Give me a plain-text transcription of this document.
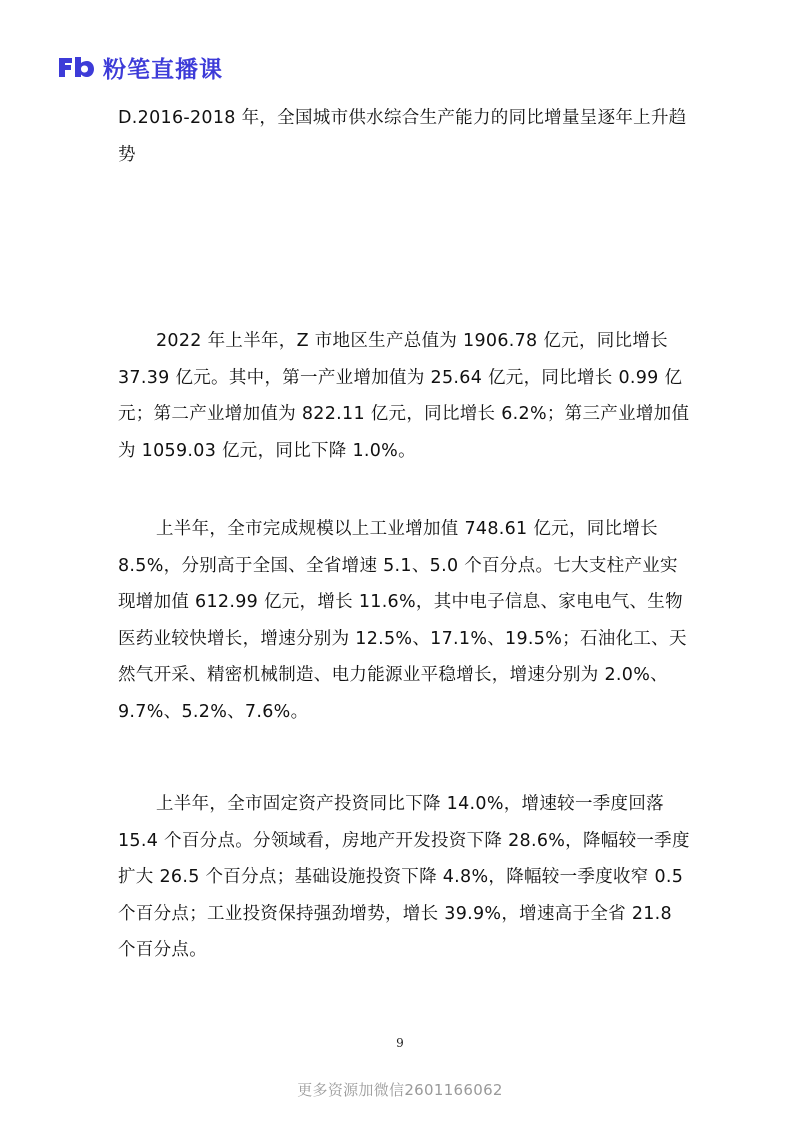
粉笔直播课

D.2016-2018 年，全国城市供水综合生产能力的同比增量呈逐年上升趋势

2022 年上半年，Z 市地区生产总值为 1906.78 亿元，同比增长 37.39 亿元。其中，第一产业增加值为 25.64 亿元，同比增长 0.99 亿元；第二产业增加值为 822.11 亿元，同比增长 6.2%；第三产业增加值为 1059.03 亿元，同比下降 1.0%。

上半年，全市完成规模以上工业增加值 748.61 亿元，同比增长 8.5%，分别高于全国、全省增速 5.1、5.0 个百分点。七大支柱产业实现增加值 612.99 亿元，增长 11.6%，其中电子信息、家电电气、生物医药业较快增长，增速分别为 12.5%、17.1%、19.5%；石油化工、天然气开采、精密机械制造、电力能源业平稳增长，增速分别为 2.0%、9.7%、5.2%、7.6%。

上半年，全市固定资产投资同比下降 14.0%，增速较一季度回落 15.4 个百分点。分领域看，房地产开发投资下降 28.6%，降幅较一季度扩大 26.5 个百分点；基础设施投资下降 4.8%，降幅较一季度收窄 0.5 个百分点；工业投资保持强劲增势，增长 39.9%，增速高于全省 21.8 个百分点。

9
更多资源加微信2601166062
